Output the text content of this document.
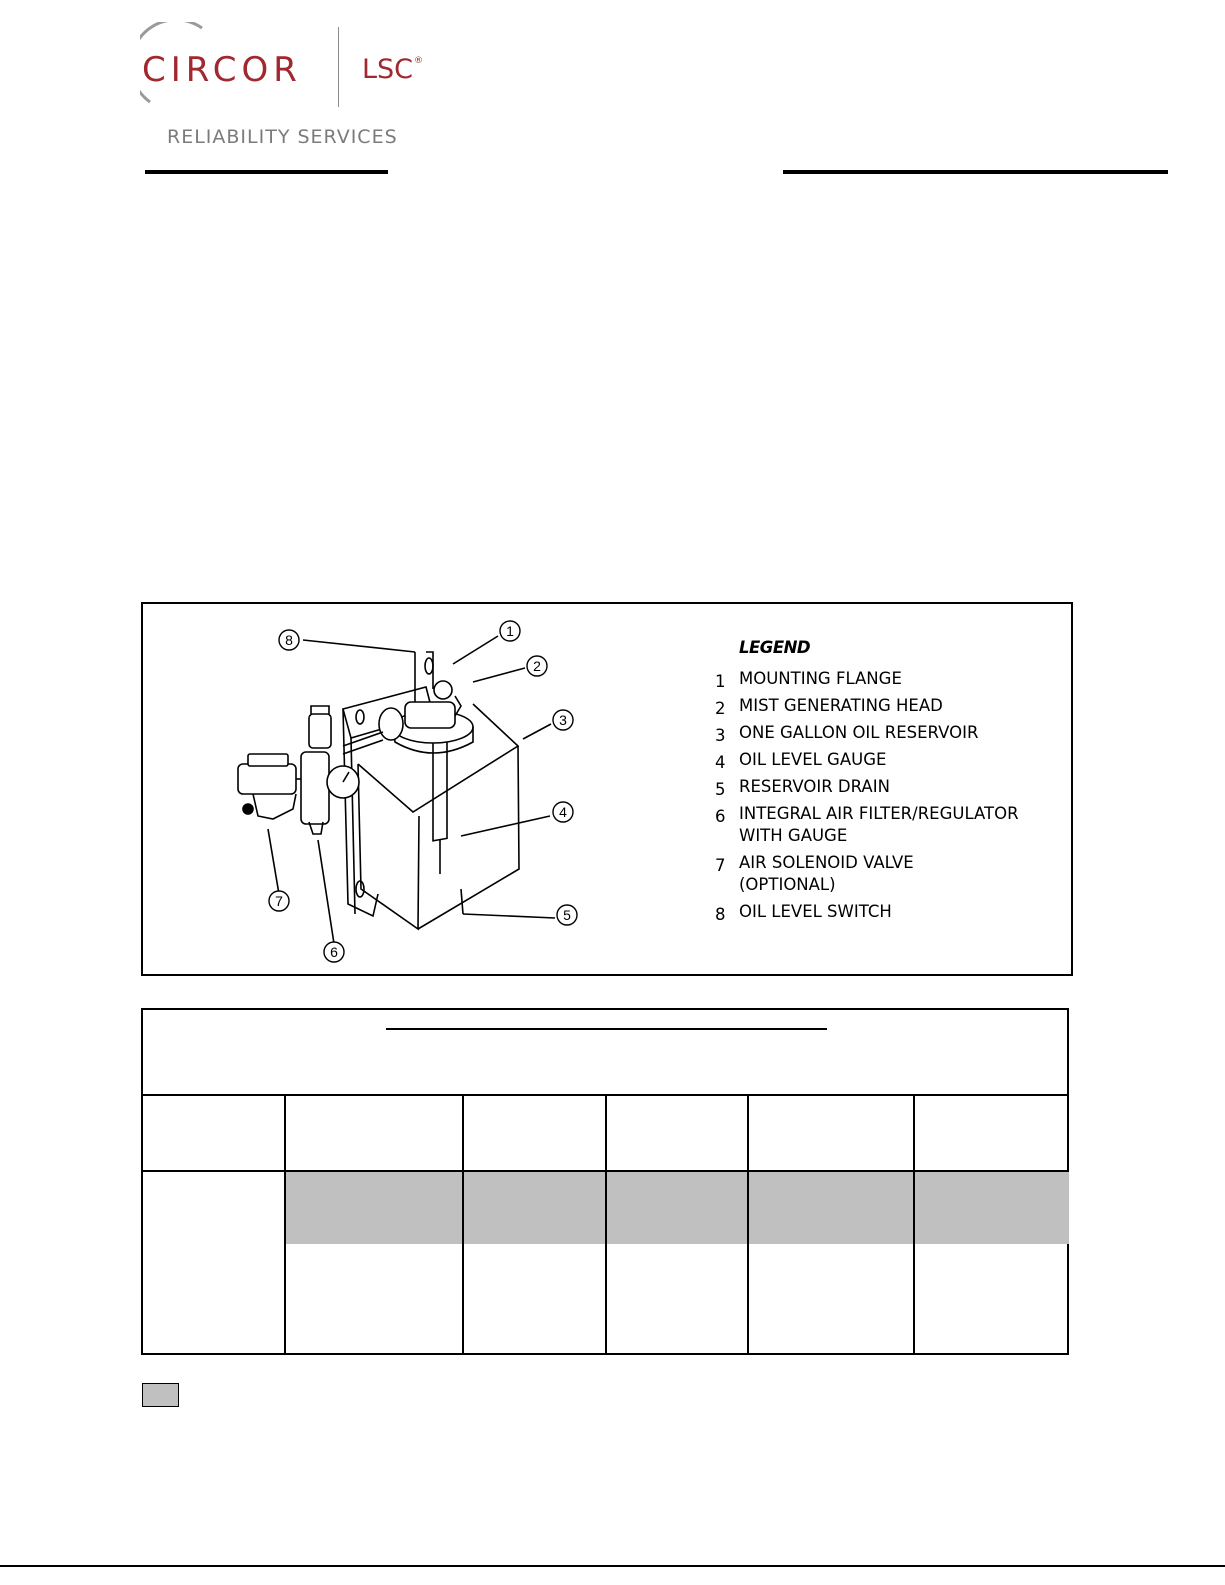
CIRCOR LSC®
RELIABILITY SERVICES
1
2
3
4
5
6
7
8	LEGEND
1 MOUNTING FLANGE
2 MIST GENERATING HEAD
3 ONE GALLON OIL RESERVOIR
4 OIL LEVEL GAUGE
5 RESERVOIR DRAIN
6 INTEGRAL AIR FILTER/REGULATOR WITH GAUGE
7 AIR SOLENOID VALVE (OPTIONAL)
8 OIL LEVEL SWITCH
